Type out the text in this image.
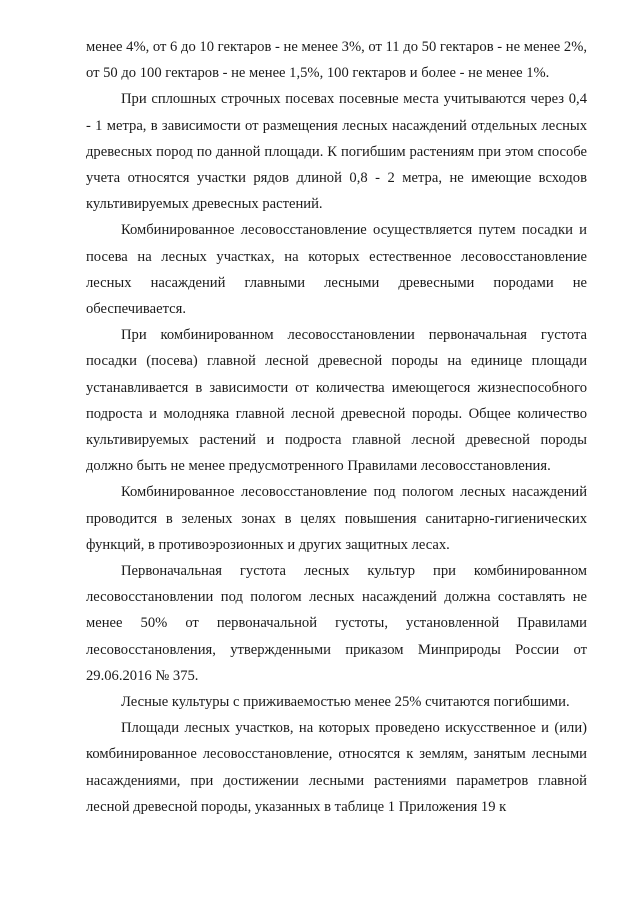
менее 4%, от 6 до 10 гектаров - не менее 3%, от 11 до 50 гектаров - не менее 2%, от 50 до 100 гектаров - не менее 1,5%, 100 гектаров и более - не менее 1%.

При сплошных строчных посевах посевные места учитываются через 0,4 - 1 метра, в зависимости от размещения лесных насаждений отдельных лесных древесных пород по данной площади. К погибшим растениям при этом способе учета относятся участки рядов длиной 0,8 - 2 метра, не имеющие всходов культивируемых древесных растений.

Комбинированное лесовосстановление осуществляется путем посадки и посева на лесных участках, на которых естественное лесовосстановление лесных насаждений главными лесными древесными породами не обеспечивается.

При комбинированном лесовосстановлении первоначальная густота посадки (посева) главной лесной древесной породы на единице площади устанавливается в зависимости от количества имеющегося жизнеспособного подроста и молодняка главной лесной древесной породы. Общее количество культивируемых растений и подроста главной лесной древесной породы должно быть не менее предусмотренного Правилами лесовосстановления.

Комбинированное лесовосстановление под пологом лесных насаждений проводится в зеленых зонах в целях повышения санитарно-гигиенических функций, в противоэрозионных и других защитных лесах.

Первоначальная густота лесных культур при комбинированном лесовосстановлении под пологом лесных насаждений должна составлять не менее 50% от первоначальной густоты, установленной Правилами лесовосстановления, утвержденными приказом Минприроды России от 29.06.2016 № 375.

Лесные культуры с приживаемостью менее 25% считаются погибшими.

Площади лесных участков, на которых проведено искусственное и (или) комбинированное лесовосстановление, относятся к землям, занятым лесными насаждениями, при достижении лесными растениями параметров главной лесной древесной породы, указанных в таблице 1 Приложения 19 к
